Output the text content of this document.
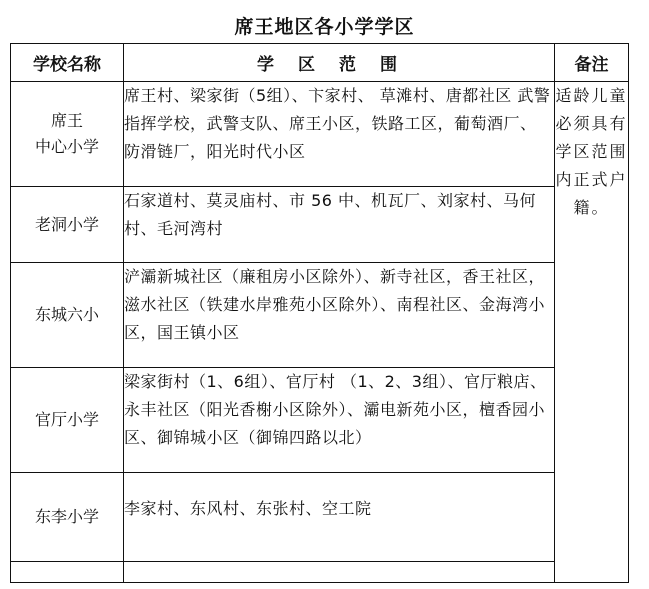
席王地区各小学学区
学校名称	学区范围	备注
席王
中心小学	席王村、梁家街（5组）、卞家村、 草滩村、唐都社区 武警指挥学校，武警支队、席王小区，铁路工区，葡萄酒厂、 防滑链厂，阳光时代小区	适龄儿童必须具有学区范围内正式户籍。
老洞小学	石家道村、莫灵庙村、市 56 中、机瓦厂、刘家村、马何村、毛河湾村	
东城六小	浐灞新城社区（廉租房小区除外）、新寺社区，香王社区，滋水社区（铁建水岸雅苑小区除外）、南程社区、金海湾小区，国王镇小区	
官厅小学	梁家街村（1、6组）、官厅村 （1、2、3组）、官厅粮店、永丰社区（阳光香榭小区除外）、灞电新苑小区，檀香园小区、御锦城小区（御锦四路以北）	
东李小学	李家村、东风村、东张村、空工院	
